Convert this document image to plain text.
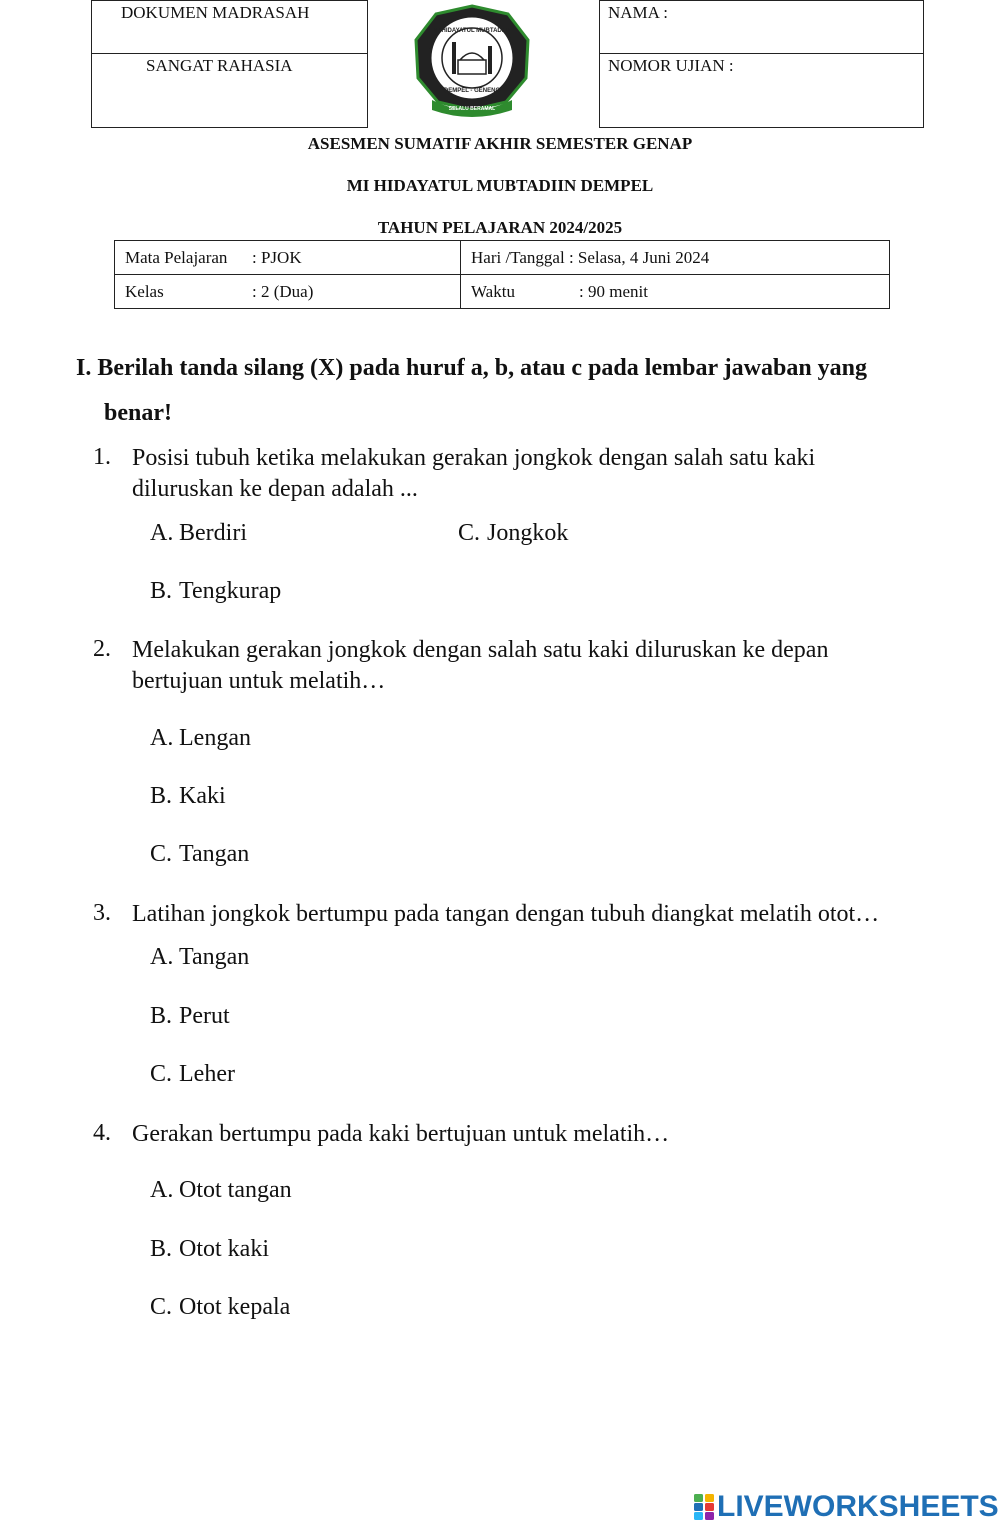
DOKUMEN MADRASAH
SANGAT RAHASIA
NAMA :
NOMOR UJIAN :
MI HIDAYATUL MUBTADI'IN
DEMPEL - GENENG
SELALU BERAMAL
ASESMEN SUMATIF AKHIR SEMESTER GENAP
MI HIDAYATUL MUBTADIIN DEMPEL
TAHUN PELAJARAN 2024/2025
Mata Pelajaran : PJOK	Hari /Tanggal : Selasa, 4 Juni 2024
Kelas : 2 (Dua)	Waktu : 90 menit
I. Berilah tanda silang (X) pada huruf a, b, atau c pada lembar jawaban yang
benar!
1. Posisi tubuh ketika melakukan gerakan jongkok dengan salah satu kaki
diluruskan ke depan adalah ...
A. Berdiri	C. Jongkok
B. Tengkurap
2. Melakukan gerakan jongkok dengan salah satu kaki diluruskan ke depan
bertujuan untuk melatih…
A. Lengan
B. Kaki
C. Tangan
3. Latihan jongkok bertumpu pada tangan dengan tubuh diangkat melatih otot…
A. Tangan
B. Perut
C. Leher
4. Gerakan bertumpu pada kaki bertujuan untuk melatih…
A. Otot tangan
B. Otot kaki
C. Otot kepala
LIVEWORKSHEETS
